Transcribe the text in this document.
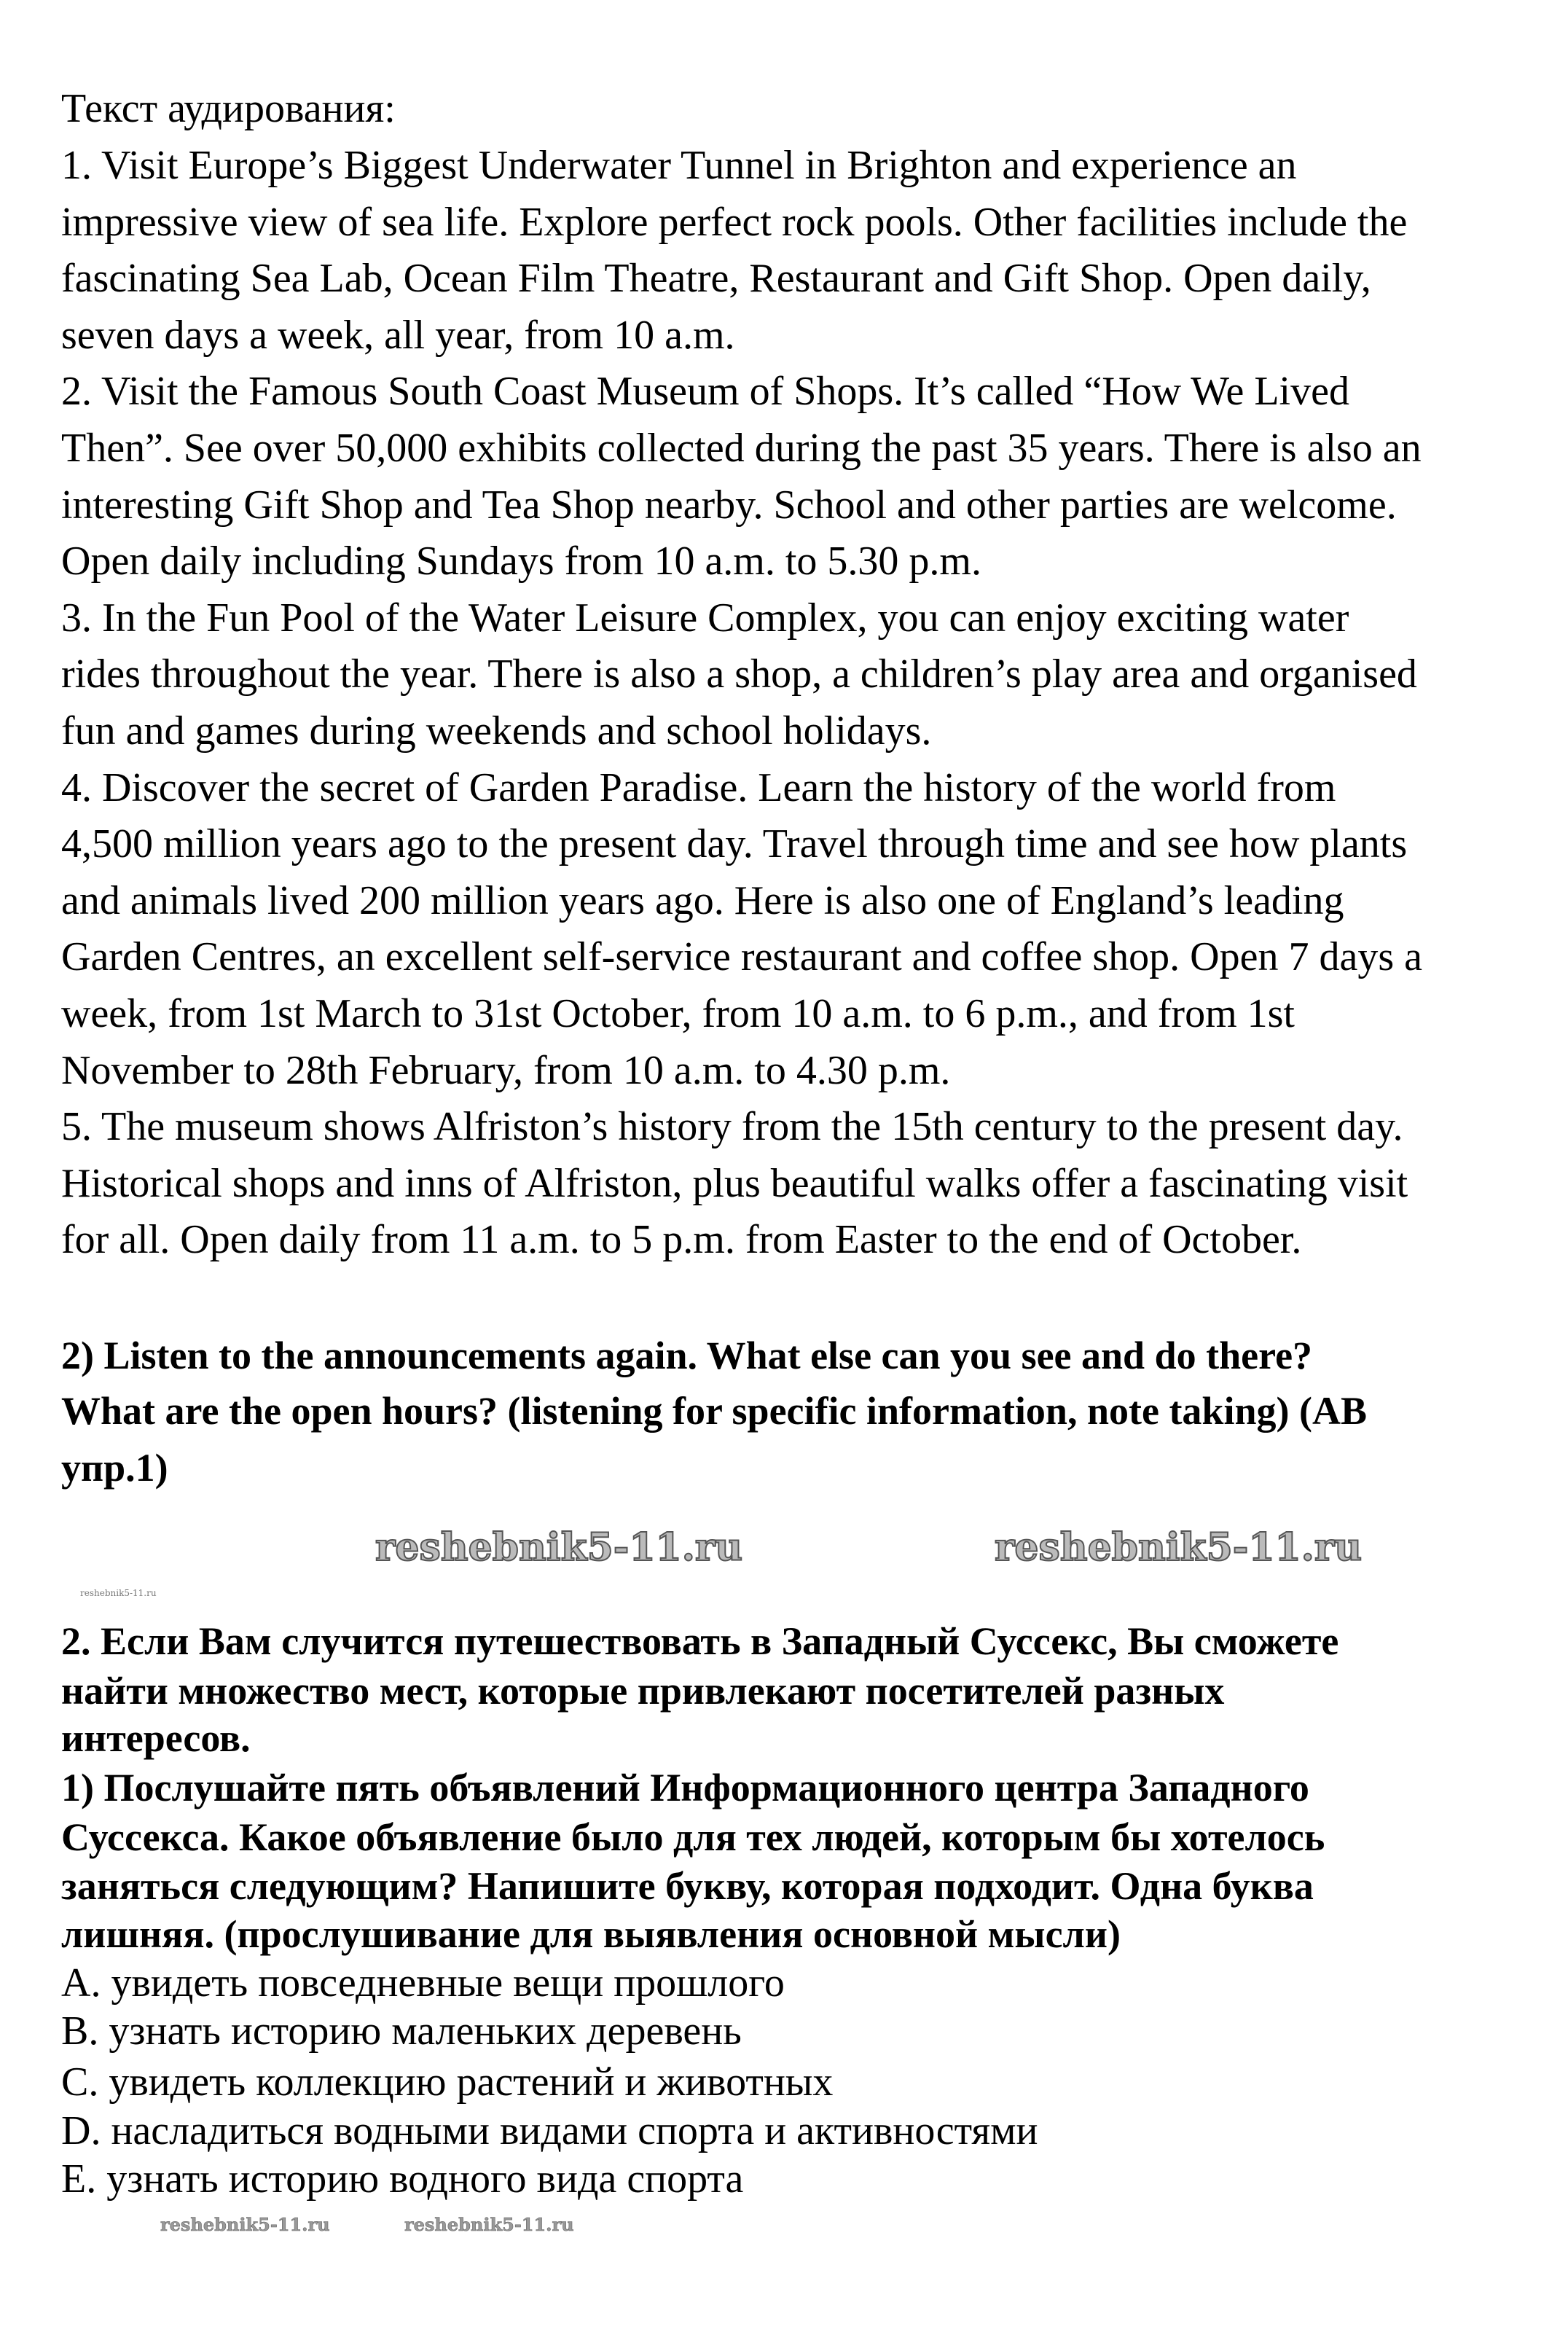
Текст аудирования:
1. Visit Europe’s Biggest Underwater Tunnel in Brighton and experience an
impressive view of sea life. Explore perfect rock pools. Other facilities include the
fascinating Sea Lab, Ocean Film Theatre, Restaurant and Gift Shop. Open daily,
seven days a week, all year, from 10 a.m.
2. Visit the Famous South Coast Museum of Shops. It’s called “How We Lived
Then”. See over 50,000 exhibits collected during the past 35 years. There is also an
interesting Gift Shop and Tea Shop nearby. School and other parties are welcome.
Open daily including Sundays from 10 a.m. to 5.30 p.m.
3. In the Fun Pool of the Water Leisure Complex, you can enjoy exciting water
rides throughout the year. There is also a shop, a children’s play area and organised
fun and games during weekends and school holidays.
4. Discover the secret of Garden Paradise. Learn the history of the world from
4,500 million years ago to the present day. Travel through time and see how plants
and animals lived 200 million years ago. Here is also one of England’s leading
Garden Centres, an excellent self-service restaurant and coffee shop. Open 7 days a
week, from 1st March to 31st October, from 10 a.m. to 6 p.m., and from 1st
November to 28th February, from 10 a.m. to 4.30 p.m.
5. The museum shows Alfriston’s history from the 15th century to the present day.
Historical shops and inns of Alfriston, plus beautiful walks offer a fascinating visit
for all. Open daily from 11 a.m. to 5 p.m. from Easter to the end of October.
2) Listen to the announcements again. What else can you see and do there?
What are the open hours? (listening for specific information, note taking) (AB
упр.1)
2. Если Вам случится путешествовать в Западный Суссекс, Вы сможете
найти множество мест, которые привлекают посетителей разных
интересов.
1) Послушайте пять объявлений Информационного центра Западного
Суссекса. Какое объявление было для тех людей, которым бы хотелось
заняться следующим? Напишите букву, которая подходит. Одна буква
лишняя. (прослушивание для выявления основной мысли)
A. увидеть повседневные вещи прошлого
B. узнать историю маленьких деревень
C. увидеть коллекцию растений и животных
D. насладиться водными видами спорта и активностями
E. узнать историю водного вида спорта
reshebnik5-11.ru	reshebnik5-11.ru
reshebnik5-11.ru
reshebnik5-11.ru	reshebnik5-11.ru
